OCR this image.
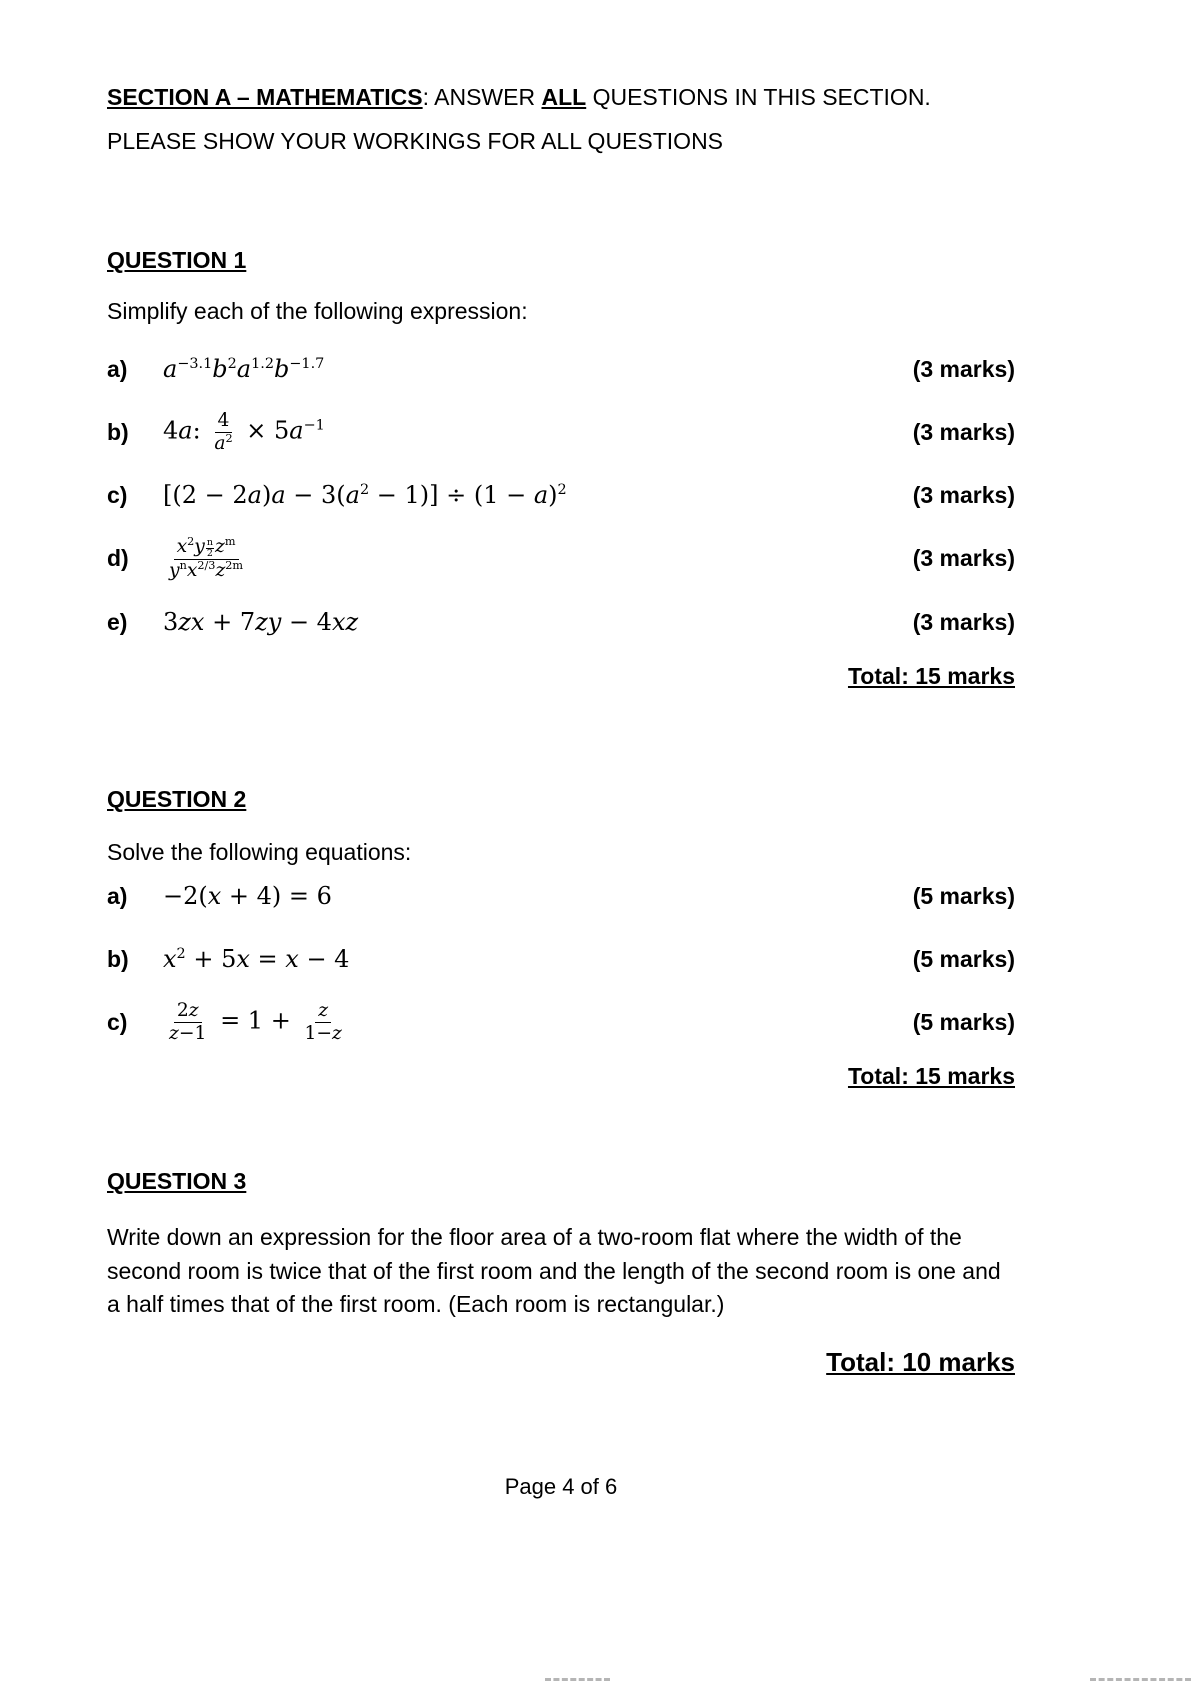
SECTION A – MATHEMATICS: ANSWER ALL QUESTIONS IN THIS SECTION.

PLEASE SHOW YOUR WORKINGS FOR ALL QUESTIONS

QUESTION 1

Simplify each of the following expression:

a)	$a^{-3.1}b^2a^{1.2}b^{-1.7}$	(3 marks)
b)	4a: $\frac{4}{a^2} \times 5a^{-1}$	(3 marks)
c)	$[(2 - 2a)a - 3(a^2 - 1)] \div (1 - a)^2$	(3 marks)
d)	$x^2y$ $^{\frac{n}{2}}$ $z^m$
$y^nx^{2/3}z^{2m}$	(3 marks)
e)	3zx + 7zy − 4xz	(3 marks)

Total: 15 marks

QUESTION 2

Solve the following equations:

a)	−2(x + 4) = 6	(5 marks)
b)	$x^2 + 5x = x - 4$	(5 marks)
c)	$\frac{2z}{z-1} = 1 + \frac{z}{1-z}$	(5 marks)

Total: 15 marks

QUESTION 3

Write down an expression for the floor area of a two-room flat where the width of the second room is twice that of the first room and the length of the second room is one and a half times that of the first room. (Each room is rectangular.)

Total: 10 marks

Page 4 of 6
